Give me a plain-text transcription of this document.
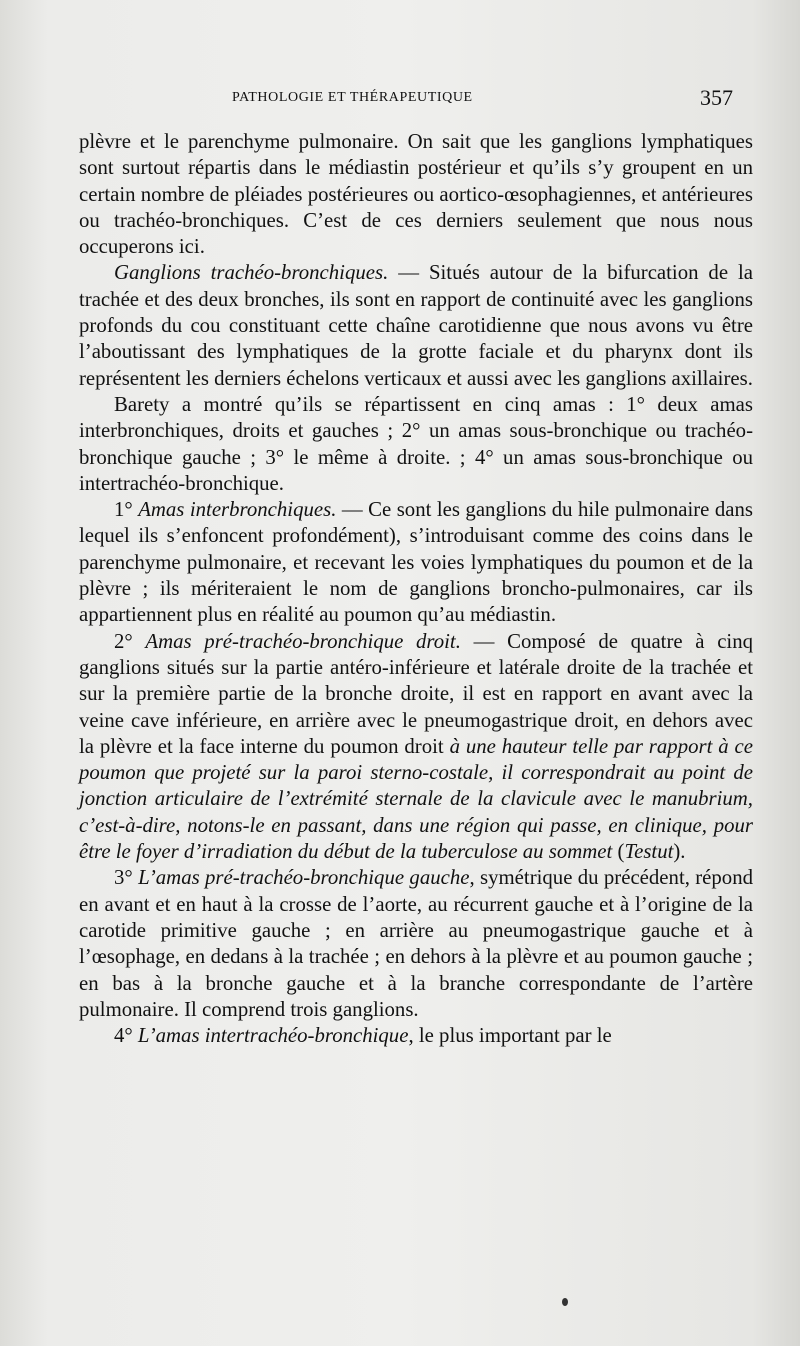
PATHOLOGIE ET THÉRAPEUTIQUE	357

plèvre et le parenchyme pulmonaire. On sait que les ganglions lymphatiques sont surtout répartis dans le médiastin postérieur et qu’ils s’y groupent en un certain nombre de pléiades postérieures ou aortico-œsophagiennes, et antérieures ou trachéo-bronchiques. C’est de ces derniers seulement que nous nous occuperons ici.

Ganglions trachéo-bronchiques. — Situés autour de la bifurcation de la trachée et des deux bronches, ils sont en rapport de continuité avec les ganglions profonds du cou constituant cette chaîne carotidienne que nous avons vu être l’aboutissant des lymphatiques de la grotte faciale et du pharynx dont ils représentent les derniers échelons verticaux et aussi avec les ganglions axillaires.

Barety a montré qu’ils se répartissent en cinq amas : 1° deux amas interbronchiques, droits et gauches ; 2° un amas sous-bronchique ou trachéo-bronchique gauche ; 3° le même à droite. ; 4° un amas sous-bronchique ou intertrachéo-bronchique.

1° Amas interbronchiques. — Ce sont les ganglions du hile pulmonaire dans lequel ils s’enfoncent profondément), s’introduisant comme des coins dans le parenchyme pulmonaire, et recevant les voies lymphatiques du poumon et de la plèvre ; ils mériteraient le nom de ganglions broncho-pulmonaires, car ils appartiennent plus en réalité au poumon qu’au médiastin.

2° Amas pré-trachéo-bronchique droit. — Composé de quatre à cinq ganglions situés sur la partie antéro-inférieure et latérale droite de la trachée et sur la première partie de la bronche droite, il est en rapport en avant avec la veine cave inférieure, en arrière avec le pneumogastrique droit, en dehors avec la plèvre et la face interne du poumon droit à une hauteur telle par rapport à ce poumon que projeté sur la paroi sterno-costale, il correspondrait au point de jonction articulaire de l’extrémité sternale de la clavicule avec le manubrium, c’est-à-dire, notons-le en passant, dans une région qui passe, en clinique, pour être le foyer d’irradiation du début de la tuberculose au sommet (Testut).

3° L’amas pré-trachéo-bronchique gauche, symétrique du précédent, répond en avant et en haut à la crosse de l’aorte, au récurrent gauche et à l’origine de la carotide primitive gauche ; en arrière au pneumogastrique gauche et à l’œsophage, en dedans à la trachée ; en dehors à la plèvre et au poumon gauche ; en bas à la bronche gauche et à la branche correspondante de l’artère pulmonaire. Il comprend trois ganglions.

4° L’amas intertrachéo-bronchique, le plus important par le
